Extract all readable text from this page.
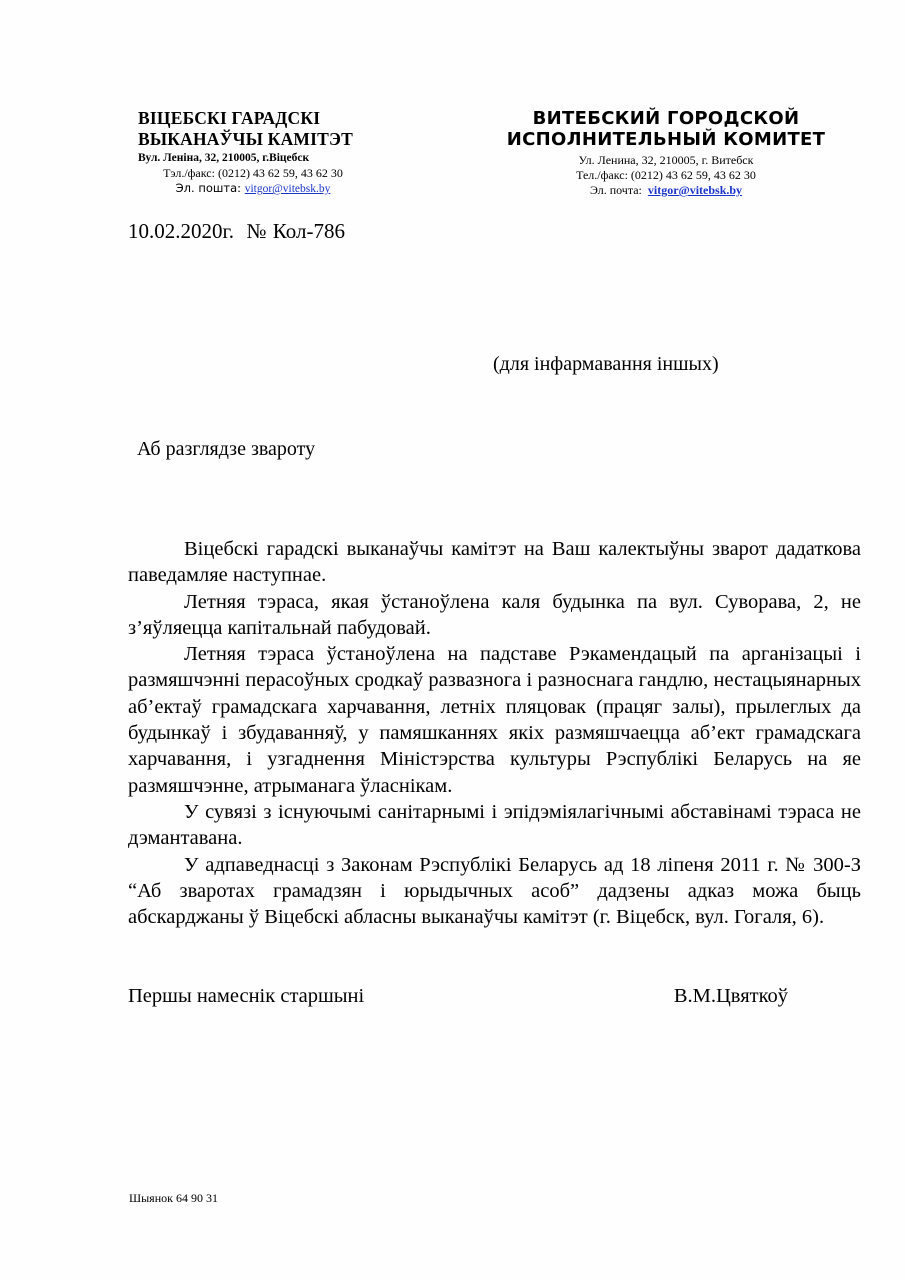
ВІЦЕБСКІ ГАРАДСКІ
ВЫКАНАЎЧЫ КАМІТЭТ
Вул. Леніна, 32, 210005, г.Віцебск
Тэл./факс: (0212) 43 62 59, 43 62 30
Эл. пошта: vitgor@vitebsk.by
ВИТЕБСКИЙ ГОРОДСКОЙ
ИСПОЛНИТЕЛЬНЫЙ КОМИТЕТ
Ул. Ленина, 32, 210005, г. Витебск
Тел./факс: (0212) 43 62 59, 43 62 30
Эл. почта:  vitgor@vitebsk.by
10.02.2020г. № Кол-786
(для інфармавання іншых)
Аб разглядзе звароту

Віцебскі гарадскі выканаўчы камітэт на Ваш калектыўны зварот дадаткова паведамляе наступнае.

Летняя тэраса, якая ўстаноўлена каля будынка па вул. Суворава, 2, не з’яўляецца капітальнай пабудовай.

Летняя тэраса ўстаноўлена на падставе Рэкамендацый па арганізацыі і размяшчэнні перасоўных сродкаў развазнога і разноснага гандлю, нестацыянарных аб’ектаў грамадскага харчавання, летніх пляцовак (працяг залы), прылеглых да будынкаў і збудаванняў, у памяшканнях якіх размяшчаецца аб’ект грамадскага харчавання, і узгаднення Міністэрства культуры Рэспублікі Беларусь на яе размяшчэнне, атрыманага ўласнікам.

У сувязі з існуючымі санітарнымі і эпідэміялагічнымі абставінамі тэраса не дэмантавана.

У адпаведнасці з Законам Рэспублікі Беларусь ад 18 ліпеня 2011 г. № 300-З “Аб зваротах грамадзян і юрыдычных асоб” дадзены адказ можа быць абскарджаны ў Віцебскі абласны выканаўчы камітэт (г. Віцебск, вул. Гогаля, 6).

Першы намеснік старшыні	В.М.Цвяткоў
Шыянок 64 90 31
